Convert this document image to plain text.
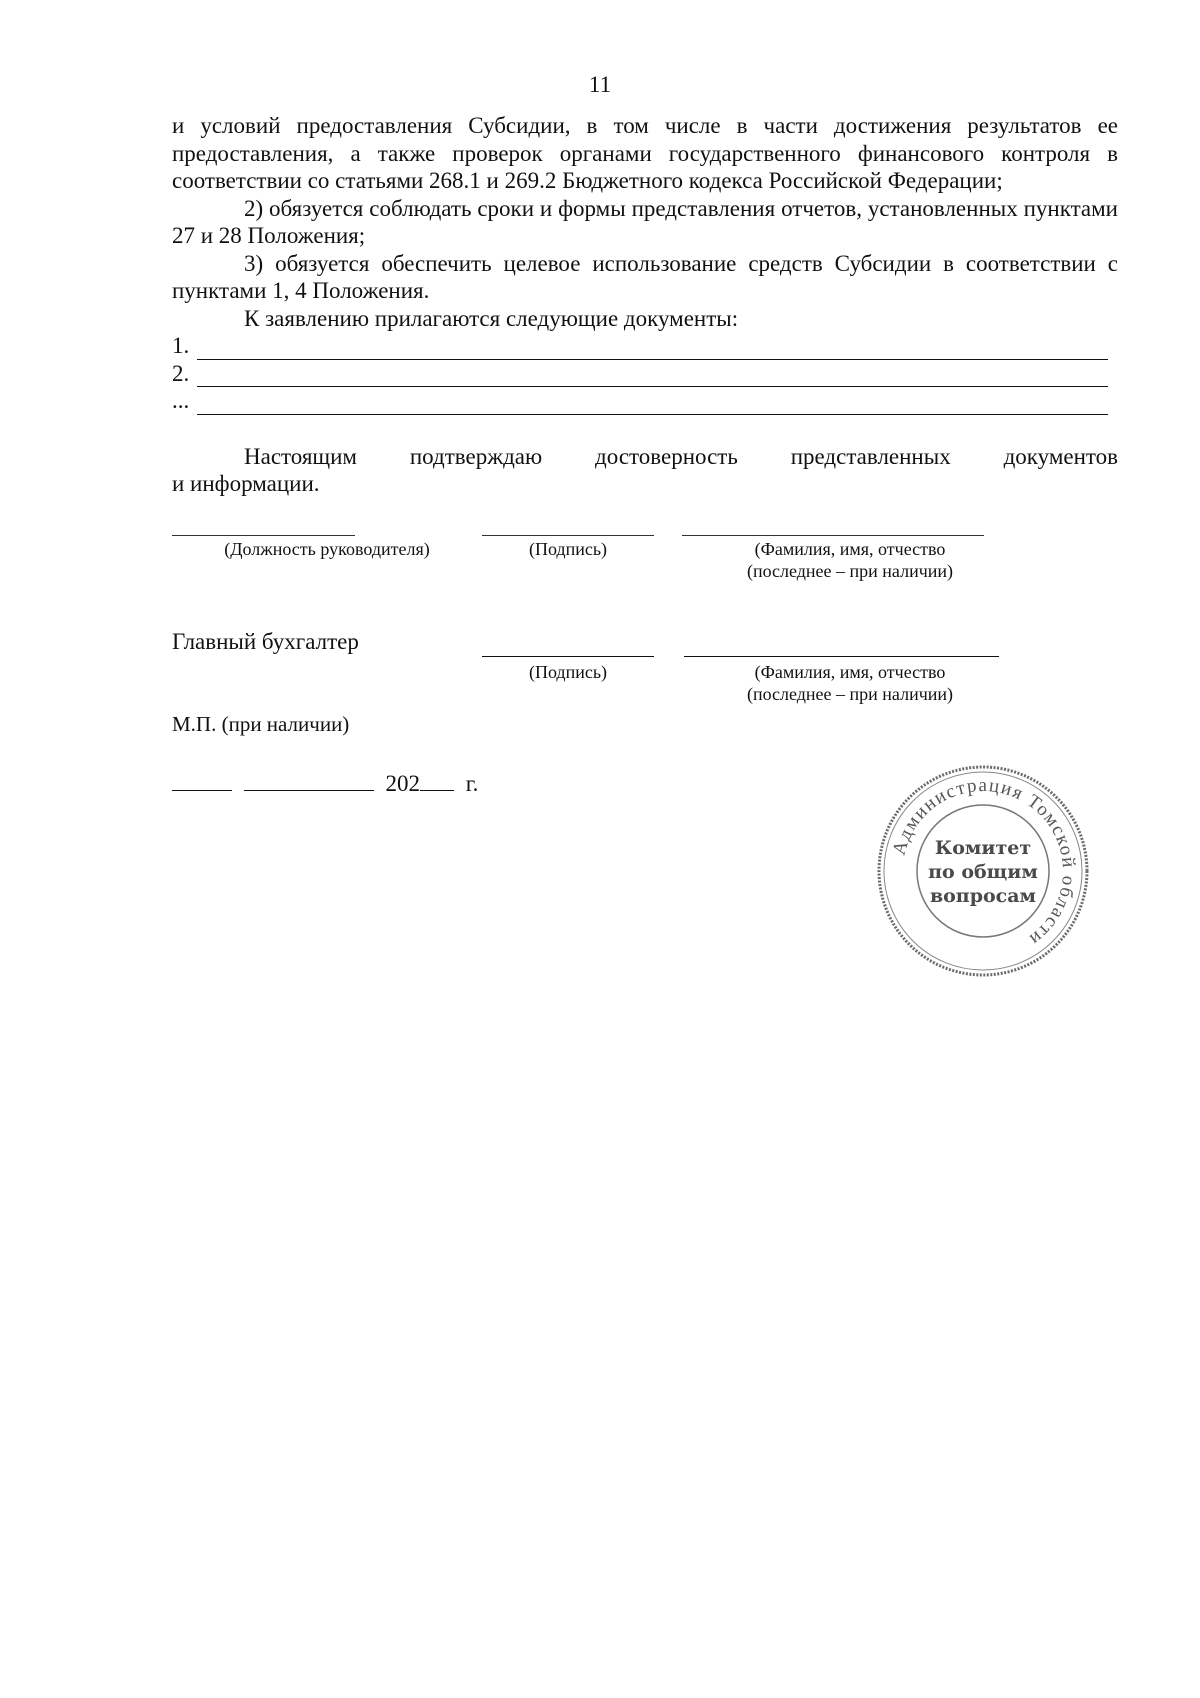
11

и условий предоставления Субсидии, в том числе в части достижения результатов ее предоставления, а также проверок органами государственного финансового контроля в соответствии со статьями 268.1 и 269.2 Бюджетного кодекса Российской Федерации;

2) обязуется соблюдать сроки и формы представления отчетов, установленных пунктами 27 и 28 Положения;

3) обязуется обеспечить целевое использование средств Субсидии в соответствии с пунктами 1, 4 Положения.

К заявлению прилагаются следующие документы:

1.
2.
...

Настоящим подтверждаю достоверность представленных документов

и информации.

(Должность руководителя)	(Подпись)	(Фамилия, имя, отчество
(последнее – при наличии)
Главный бухгалтер
(Подпись)	(Фамилия, имя, отчество
(последнее – при наличии)
М.П. (при наличии)
202 г.
Администрация Томской области
Комитет
по общим
вопросам
